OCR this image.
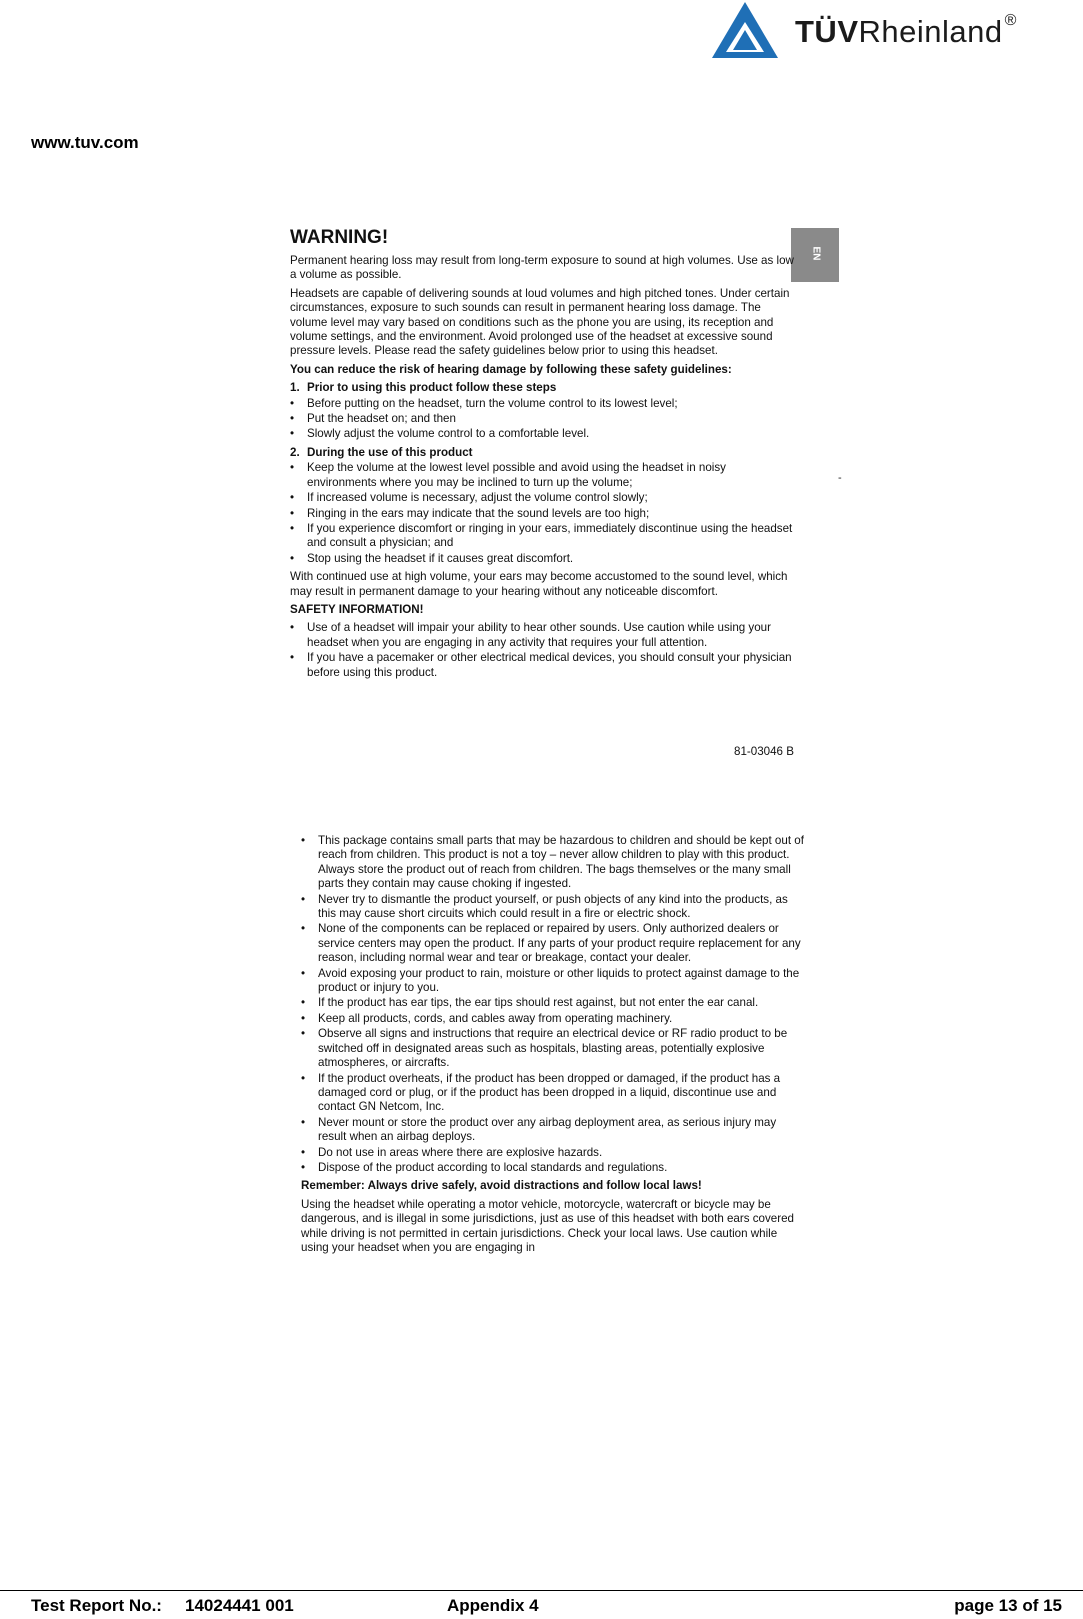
TÜVRheinland ®
www.tuv.com
EN
-
WARNING!

Permanent hearing loss may result from long-term exposure to sound at high volumes. Use as low a volume as possible.

Headsets are capable of delivering sounds at loud volumes and high pitched tones. Under certain circumstances, exposure to such sounds can result in permanent hearing loss damage. The volume level may vary based on conditions such as the phone you are using, its reception and volume settings, and the environment. Avoid prolonged use of the headset at excessive sound pressure levels. Please read the safety guidelines below prior to using this headset.

You can reduce the risk of hearing damage by following these safety guidelines:

1. Prior to using this product follow these steps
• Before putting on the headset, turn the volume control to its lowest level;
• Put the headset on; and then
• Slowly adjust the volume control to a comfortable level.
2. During the use of this product
• Keep the volume at the lowest level possible and avoid using the headset in noisy environments where you may be inclined to turn up the volume;
• If increased volume is necessary, adjust the volume control slowly;
• Ringing in the ears may indicate that the sound levels are too high;
• If you experience discomfort or ringing in your ears, immediately discontinue using the headset and consult a physician; and
• Stop using the headset if it causes great discomfort.

With continued use at high volume, your ears may become accustomed to the sound level, which may result in permanent damage to your hearing without any noticeable discomfort.

SAFETY INFORMATION!

• Use of a headset will impair your ability to hear other sounds. Use caution while using your headset when you are engaging in any activity that requires your full attention.
• If you have a pacemaker or other electrical medical devices, you should consult your physician before using this product.
81-03046 B
• This package contains small parts that may be hazardous to children and should be kept out of reach from children. This product is not a toy – never allow children to play with this product. Always store the product out of reach from children. The bags themselves or the many small parts they contain may cause choking if ingested.
• Never try to dismantle the product yourself, or push objects of any kind into the products, as this may cause short circuits which could result in a fire or electric shock.
• None of the components can be replaced or repaired by users. Only authorized dealers or service centers may open the product. If any parts of your product require replacement for any reason, including normal wear and tear or breakage, contact your dealer.
• Avoid exposing your product to rain, moisture or other liquids to protect against damage to the product or injury to you.
• If the product has ear tips, the ear tips should rest against, but not enter the ear canal.
• Keep all products, cords, and cables away from operating machinery.
• Observe all signs and instructions that require an electrical device or RF radio product to be switched off in designated areas such as hospitals, blasting areas, potentially explosive atmospheres, or aircrafts.
• If the product overheats, if the product has been dropped or damaged, if the product has a damaged cord or plug, or if the product has been dropped in a liquid, discontinue use and contact GN Netcom, Inc.
• Never mount or store the product over any airbag deployment area, as serious injury may result when an airbag deploys.
• Do not use in areas where there are explosive hazards.
• Dispose of the product according to local standards and regulations.

Remember: Always drive safely, avoid distractions and follow local laws!

Using the headset while operating a motor vehicle, motorcycle, watercraft or bicycle may be dangerous, and is illegal in some jurisdictions, just as use of this headset with both ears covered while driving is not permitted in certain jurisdictions. Check your local laws. Use caution while using your headset when you are engaging in

Test Report No.: 14024441 001	Appendix 4	page 13 of 15
